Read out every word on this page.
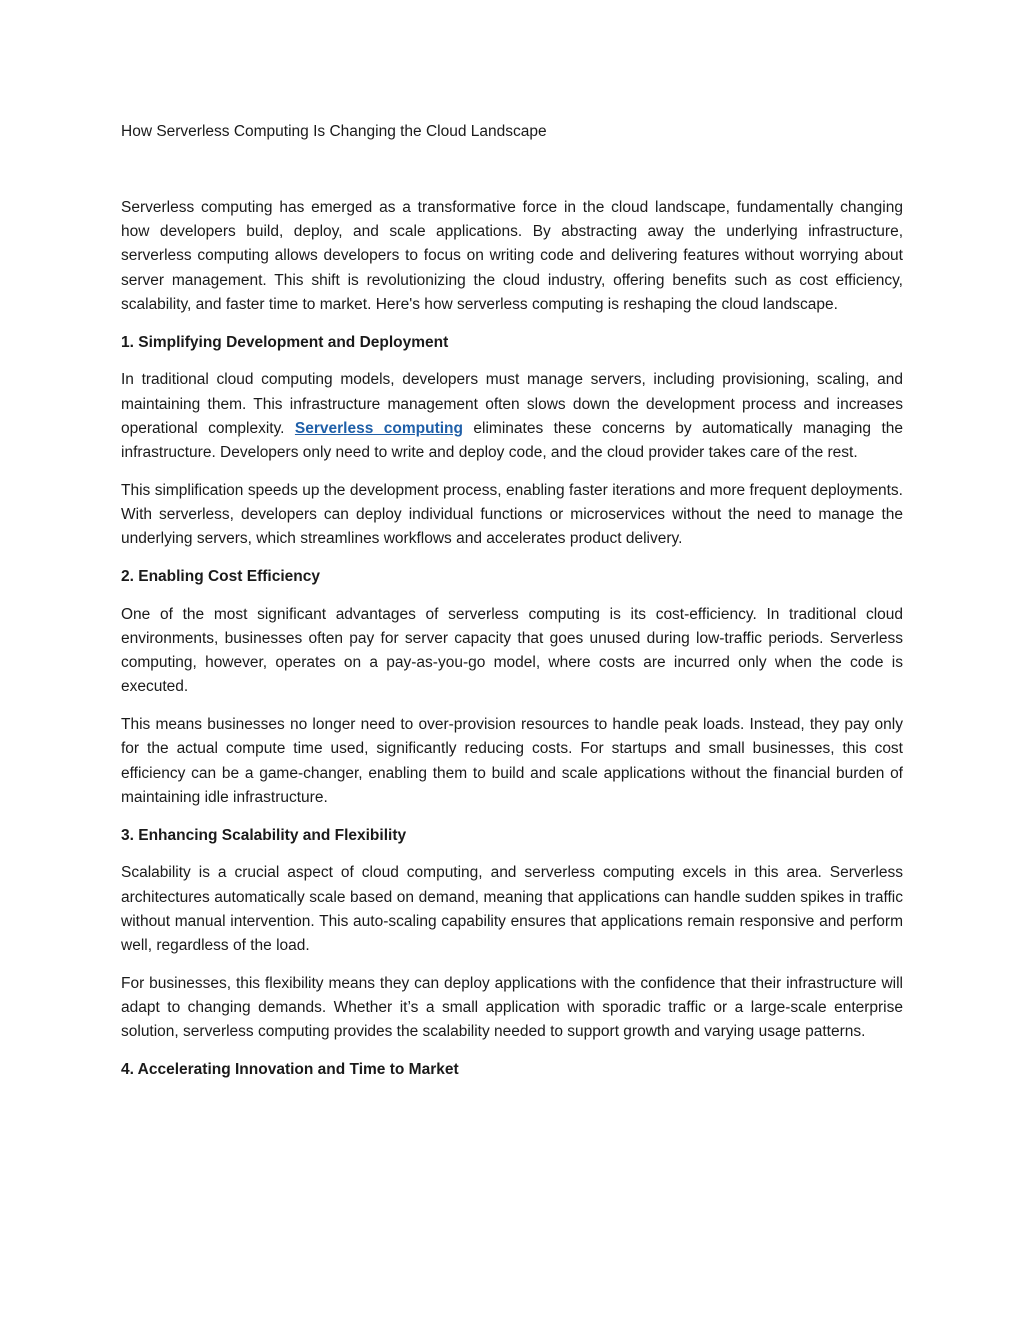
How Serverless Computing Is Changing the Cloud Landscape

Serverless computing has emerged as a transformative force in the cloud landscape, fundamentally changing how developers build, deploy, and scale applications. By abstracting away the underlying infrastructure, serverless computing allows developers to focus on writing code and delivering features without worrying about server management. This shift is revolutionizing the cloud industry, offering benefits such as cost efficiency, scalability, and faster time to market. Here's how serverless computing is reshaping the cloud landscape.

1. Simplifying Development and Deployment

In traditional cloud computing models, developers must manage servers, including provisioning, scaling, and maintaining them. This infrastructure management often slows down the development process and increases operational complexity. Serverless computing eliminates these concerns by automatically managing the infrastructure. Developers only need to write and deploy code, and the cloud provider takes care of the rest.

This simplification speeds up the development process, enabling faster iterations and more frequent deployments. With serverless, developers can deploy individual functions or microservices without the need to manage the underlying servers, which streamlines workflows and accelerates product delivery.

2. Enabling Cost Efficiency

One of the most significant advantages of serverless computing is its cost-efficiency. In traditional cloud environments, businesses often pay for server capacity that goes unused during low-traffic periods. Serverless computing, however, operates on a pay-as-you-go model, where costs are incurred only when the code is executed.

This means businesses no longer need to over-provision resources to handle peak loads. Instead, they pay only for the actual compute time used, significantly reducing costs. For startups and small businesses, this cost efficiency can be a game-changer, enabling them to build and scale applications without the financial burden of maintaining idle infrastructure.

3. Enhancing Scalability and Flexibility

Scalability is a crucial aspect of cloud computing, and serverless computing excels in this area. Serverless architectures automatically scale based on demand, meaning that applications can handle sudden spikes in traffic without manual intervention. This auto-scaling capability ensures that applications remain responsive and perform well, regardless of the load.

For businesses, this flexibility means they can deploy applications with the confidence that their infrastructure will adapt to changing demands. Whether it’s a small application with sporadic traffic or a large-scale enterprise solution, serverless computing provides the scalability needed to support growth and varying usage patterns.

4. Accelerating Innovation and Time to Market
